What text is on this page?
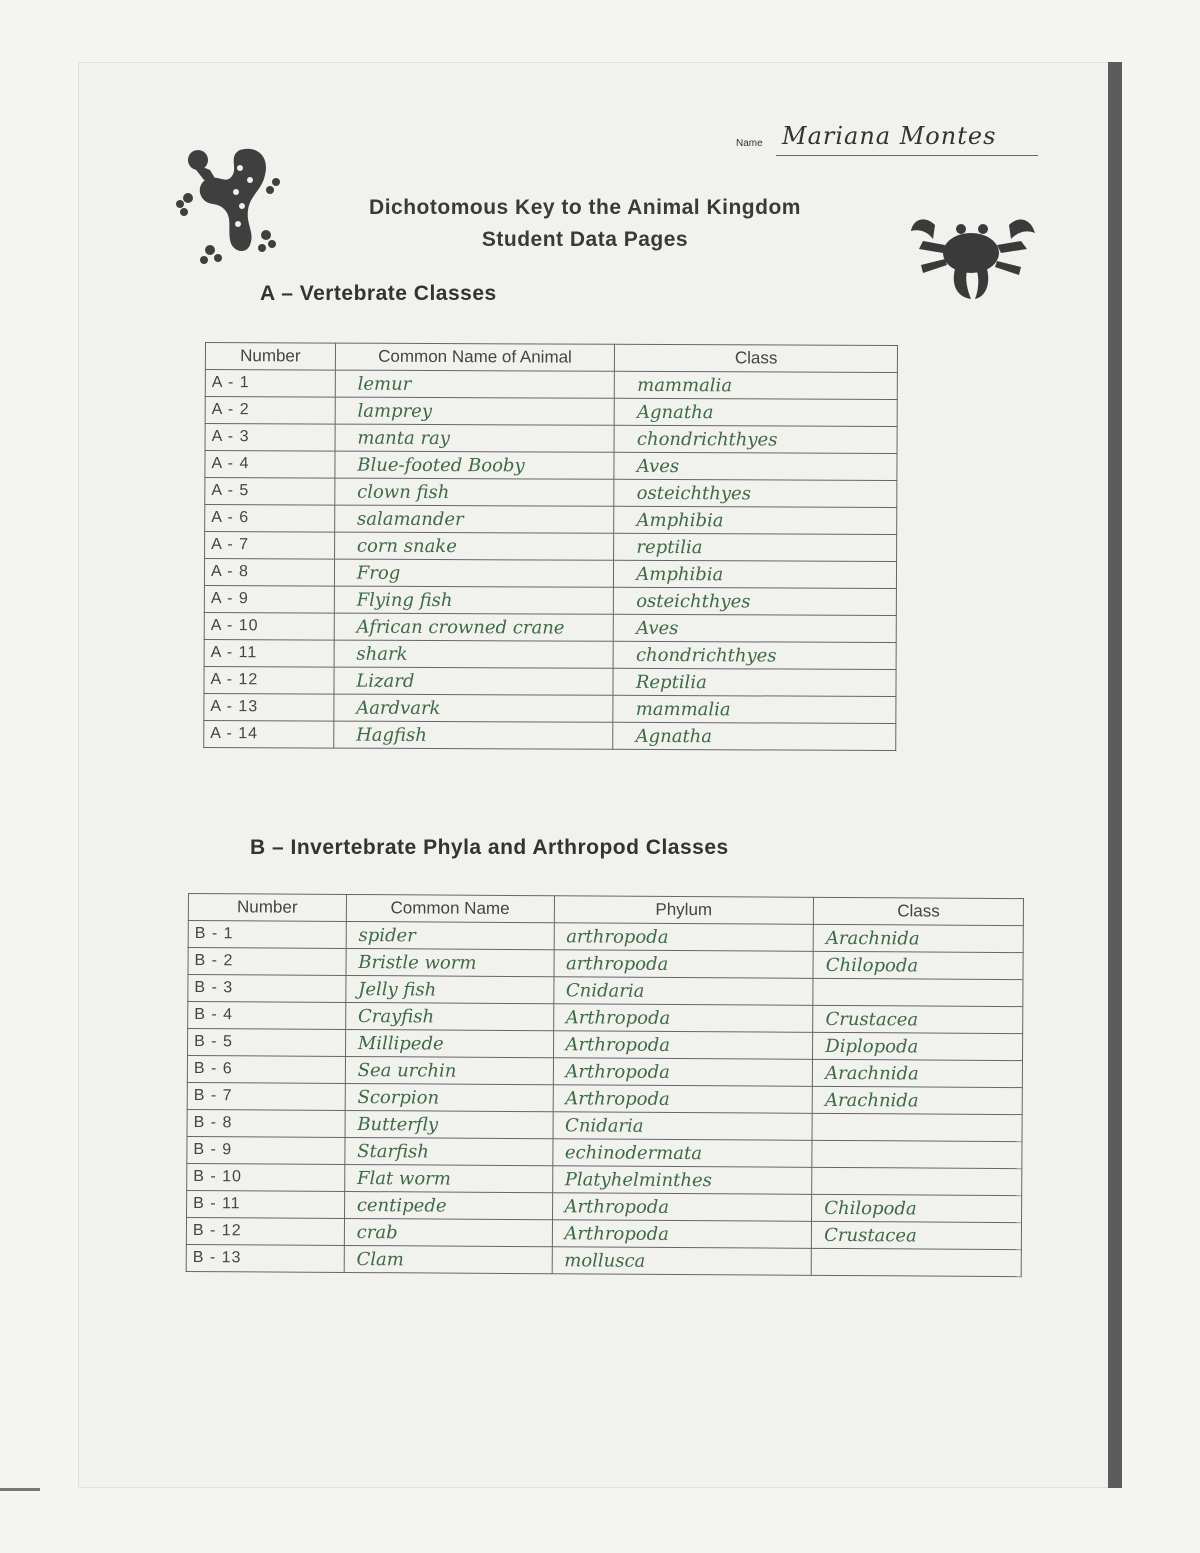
Name Mariana Montes
Dichotomous Key to the Animal Kingdom
Student Data Pages
A – Vertebrate Classes
Number	Common Name of Animal	Class
A - 1	lemur	mammalia
A - 2	lamprey	Agnatha
A - 3	manta ray	chondrichthyes
A - 4	Blue-footed Booby	Aves
A - 5	clown fish	osteichthyes
A - 6	salamander	Amphibia
A - 7	corn snake	reptilia
A - 8	Frog	Amphibia
A - 9	Flying fish	osteichthyes
A - 10	African crowned crane	Aves
A - 11	shark	chondrichthyes
A - 12	Lizard	Reptilia
A - 13	Aardvark	mammalia
A - 14	Hagfish	Agnatha
B – Invertebrate Phyla and Arthropod Classes
Number	Common Name	Phylum	Class
B - 1	spider	arthropoda	Arachnida
B - 2	Bristle worm	arthropoda	Chilopoda
B - 3	Jelly fish	Cnidaria	
B - 4	Crayfish	Arthropoda	Crustacea
B - 5	Millipede	Arthropoda	Diplopoda
B - 6	Sea urchin	Arthropoda	Arachnida
B - 7	Scorpion	Arthropoda	Arachnida
B - 8	Butterfly	Cnidaria	
B - 9	Starfish	echinodermata	
B - 10	Flat worm	Platyhelminthes	
B - 11	centipede	Arthropoda	Chilopoda
B - 12	crab	Arthropoda	Crustacea
B - 13	Clam	mollusca	
